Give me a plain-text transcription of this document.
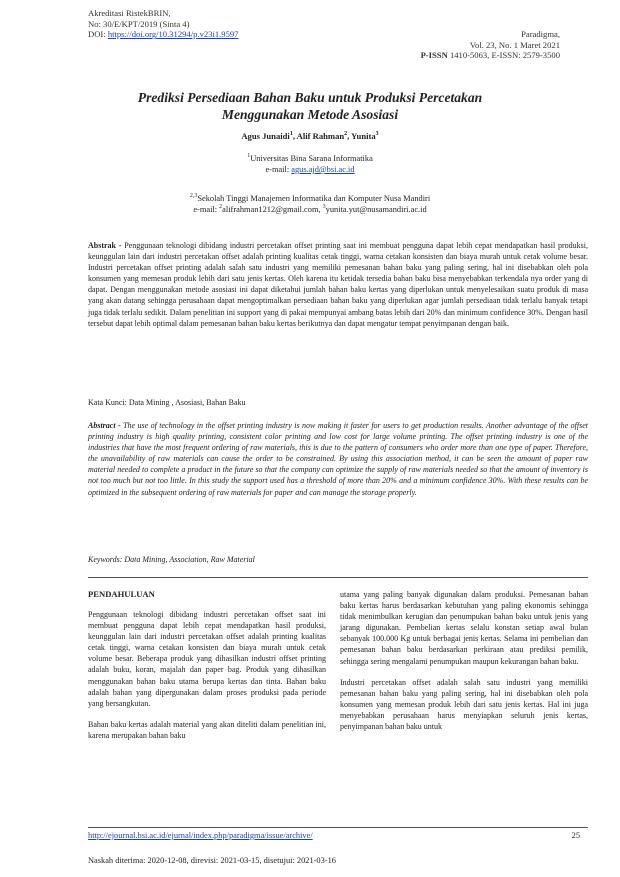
Akreditasi RistekBRIN,
No: 30/E/KPT/2019 (Sinta 4)
DOI: https://doi.org/10.31294/p.v23i1.9597	Paradigma,
Vol. 23, No. 1 Maret 2021
P-ISSN 1410-5063, E-ISSN: 2579-3500
Prediksi Persediaan Bahan Baku untuk Produksi Percetakan
Menggunakan Metode Asosiasi
Agus Junaidi$^1$, Alif Rahman$^2$, Yunita$^3$
$^1$Universitas Bina Sarana Informatika
e-mail: agus.ajd@bsi.ac.id
$^{2,3}$Sekolah Tinggi Manajemen Informatika dan Komputer Nusa Mandiri
e-mail: $^2$alifrahman1212@gmail.com, $^3$yunita.yut@nusamandiri.ac.id
Abstrak - Penggunaan teknologi dibidang industri percetakan offset printing saat ini membuat pengguna dapat lebih cepat mendapatkan hasil produksi, keunggulan lain dari industri percetakan offset adalah printing kualitas cetak tinggi, warna cetakan konsisten dan biaya murah untuk cetak volume besar. Industri percetakan offset printing adalah salah satu industri yang memiliki pemesanan bahan baku yang paling sering, hal ini disebabkan oleh pola konsumen yang memesan produk lebih dari satu jenis kertas. Oleh karena itu ketidak tersedia bahan baku bisa menyebabkan terkendala nya order yang di dapat. Dengan menggunakan metode asosiasi ini dapat diketahui jumlah bahan baku kertas yang diperlukan untuk menyelesaikan suatu produk di masa yang akan datang sehingga perusahaan dapat mengoptimalkan persediaan bahan baku yang diperlukan agar jumlah persediaan tidak terlalu banyak tetapi juga tidak terlalu sedikit. Dalam penelitian ini support yang di pakai mempunyai ambang batas lebih dari 20% dan minimum confidence 30%. Dengan hasil tersebut dapat lebih optimal dalam pemesanan bahan baku kertas berikutnya dan dapat mengatur tempat penyimpanan dengan baik.
Kata Kunci: Data Mining , Asosiasi, Bahan Baku
Abstract - The use of technology in the offset printing industry is now making it faster for users to get production results. Another advantage of the offset printing industry is high quality printing, consistent color printing and low cost for large volume printing. The offset printing industry is one of the industries that have the most frequent ordering of raw materials, this is due to the pattern of consumers who order more than one type of paper. Therefore, the unavailability of raw materials can cause the order to be constrained. By using this association method, it can be seen the amount of paper raw material needed to complete a product in the future so that the company can optimize the supply of raw materials needed so that the amount of inventory is not too much but not too little. In this study the support used has a threshold of more than 20% and a minimum confidence 30%. With these results can be optimized in the subsequent ordering of raw materials for paper and can manage the storage properly.
Keywords: Data Mining, Association, Raw Material
PENDAHULUAN
Penggunaan teknologi dibidang industri percetakan offset saat ini membuat pengguna dapat lebih cepat mendapatkan hasil produksi, keunggulan lain dari industri percetakan offset adalah printing kualitas cetak tinggi, warna cetakan konsisten dan biaya murah untuk cetak volume besar. Beberapa produk yang dihasilkan industri offset printing adalah buku, koran, majalah dan paper bag. Produk yang dihasilkan menggunakan bahan baku utama berupa kertas dan tinta. Bahan baku adalah bahan yang dipergunakan dalam proses produksi pada periode yang bersangkutan.
Bahan baku kertas adalah material yang akan diteliti dalam penelitian ini, karena merupakan bahan baku
utama yang paling banyak digunakan dalam produksi. Pemesanan bahan baku kertas harus berdasarkan kebutuhan yang paling ekonomis sehingga tidak menimbulkan kerugian dan penumpukan bahan baku untuk jenis yang jarang digunakan. Pembelian kertas selalu konstan setiap awal bulan sebanyak 100.000 Kg untuk berbagai jenis kertas. Selama ini pembelian dan pemesanan bahan baku berdasarkan perkiraan atau prediksi pemilik, sehingga sering mengalami penumpukan maupun kekurangan bahan baku.
Industri percetakan offset adalah salah satu industri yang memiliki pemesanan bahan baku yang paling sering, hal ini disebabkan oleh pola konsumen yang memesan produk lebih dari satu jenis kertas. Hal ini juga menyebabkan perusahaan harus menyiapkan seluruh jenis kertas, penyimpanan bahan baku untuk
http://ejournal.bsi.ac.id/ejurnal/index.php/paradigma/issue/archive/	25
Naskah diterima: 2020-12-08, direvisi: 2021-03-15, disetujui: 2021-03-16
